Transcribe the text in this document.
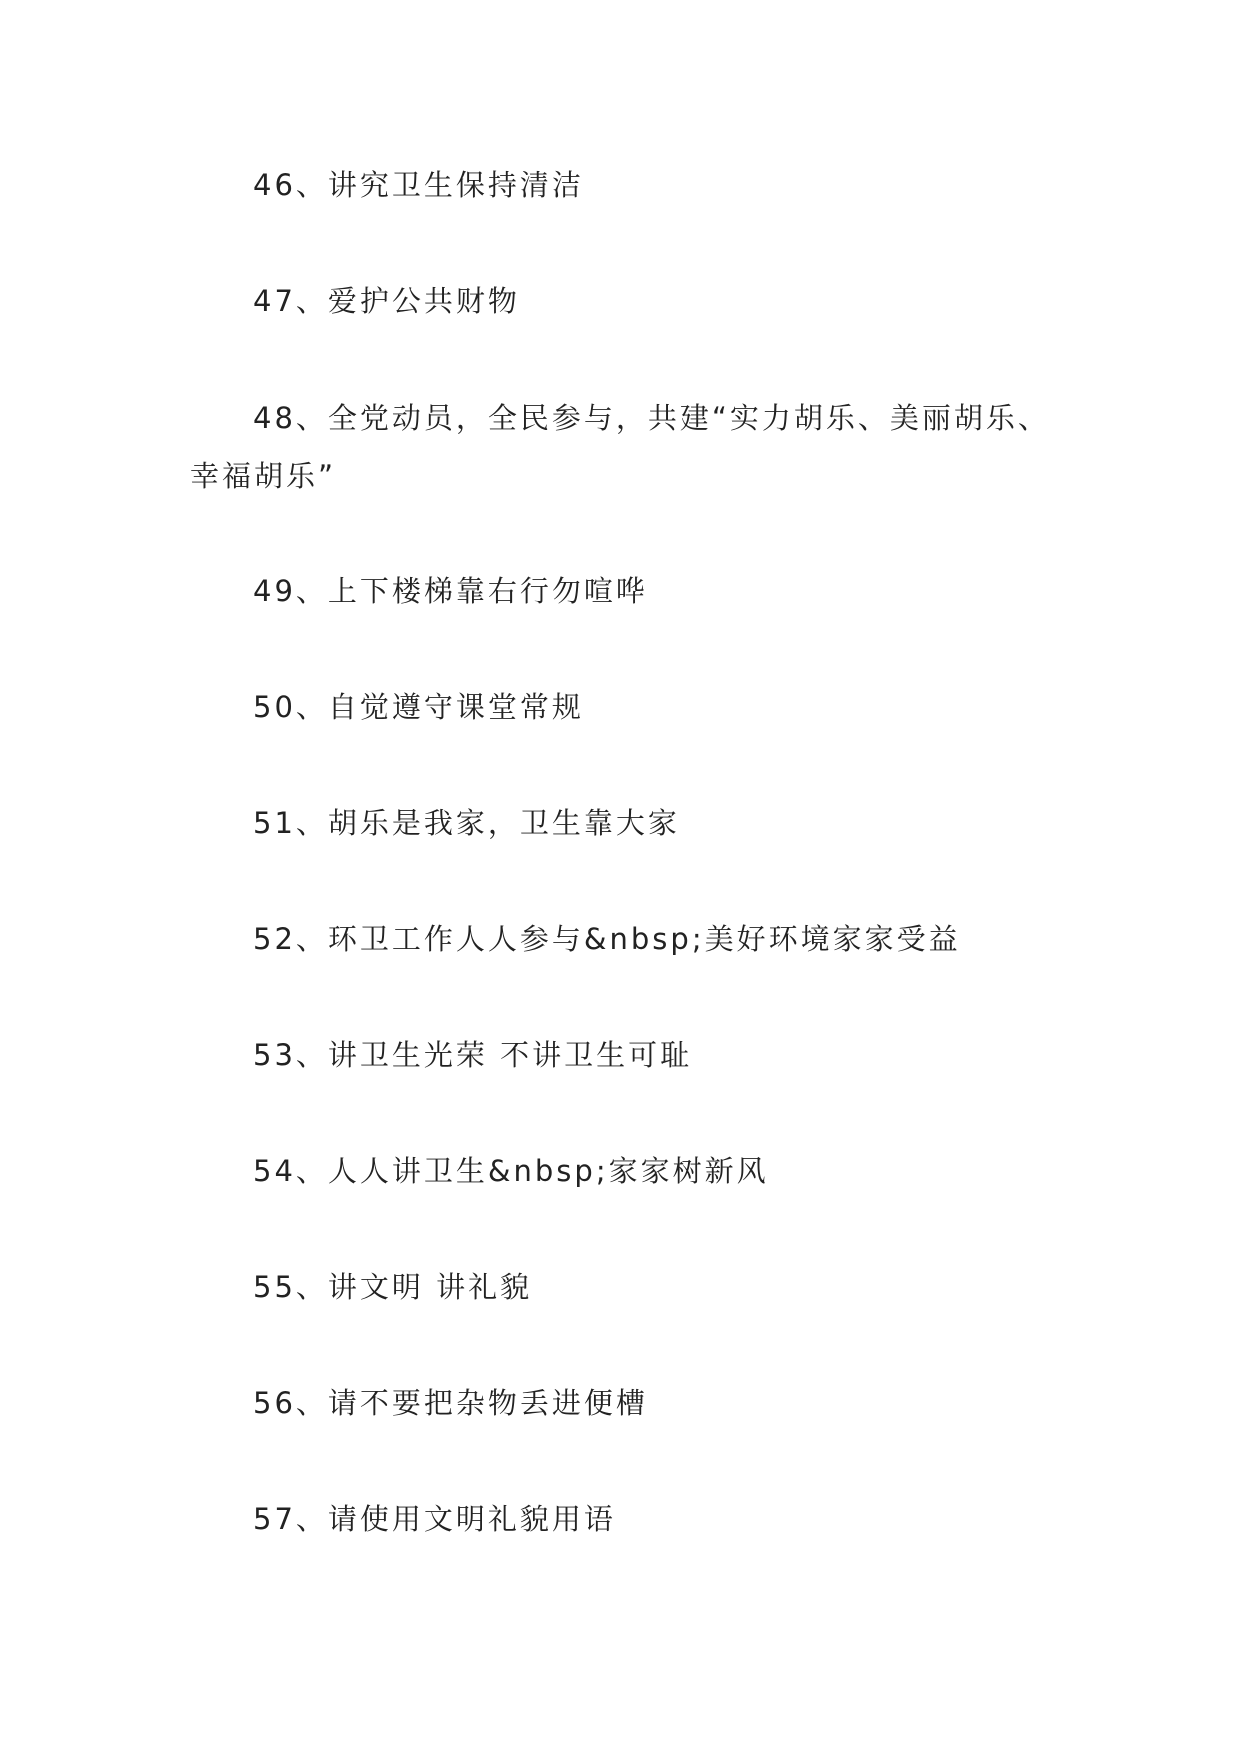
46、讲究卫生保持清洁

47、爱护公共财物

48、全党动员，全民参与，共建“实力胡乐、美丽胡乐、幸福胡乐”

49、上下楼梯靠右行勿喧哗

50、自觉遵守课堂常规

51、胡乐是我家，卫生靠大家

52、环卫工作人人参与&nbsp;美好环境家家受益

53、讲卫生光荣 不讲卫生可耻

54、人人讲卫生&nbsp;家家树新风

55、讲文明 讲礼貌

56、请不要把杂物丢进便槽

57、请使用文明礼貌用语
